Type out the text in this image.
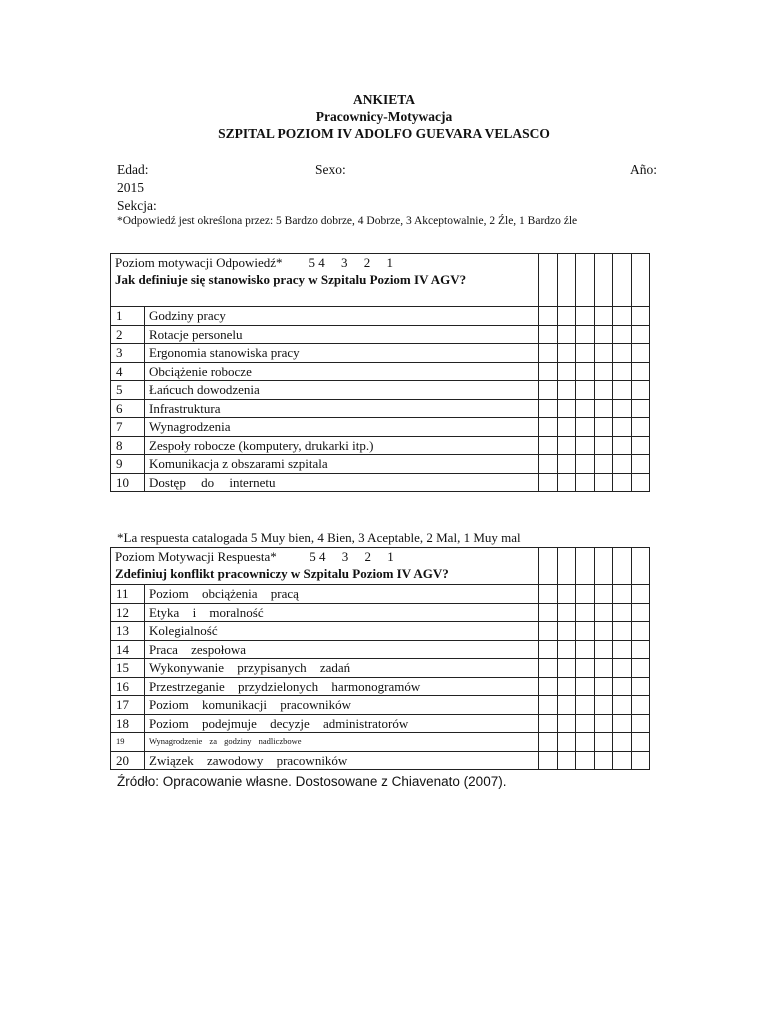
ANKIETA
Pracownicy-Motywacja
SZPITAL POZIOM IV ADOLFO GUEVARA VELASCO
Edad:	Sexo:	Año:
2015
Sekcja:
*Odpowiedź jest określona przez: 5 Bardzo dobrze, 4 Dobrze, 3 Akceptowalnie, 2 Źle, 1 Bardzo źle
Poziom motywacji Odpowiedź*        5 4     3     2     1
Jak definiuje się stanowisko pracy w Szpitalu Poziom IV AGV?							

1	Godziny pracy						
2	Rotacje personelu						
3	Ergonomia stanowiska pracy						
4	Obciążenie robocze						
5	Łańcuch dowodzenia						
6	Infrastruktura						
7	Wynagrodzenia						
8	Zespoły robocze (komputery, drukarki itp.)						
9	Komunikacja z obszarami szpitala						
10	Dostęp do internetu						
*La respuesta catalogada 5 Muy bien, 4 Bien, 3 Aceptable, 2 Mal, 1 Muy mal
Poziom Motywacji Respuesta*          5 4     3     2     1
Zdefiniuj konflikt pracowniczy w Szpitalu Poziom IV AGV?							

11	Poziom obciążenia pracą						
12	Etyka i moralność						
13	Kolegialność						
14	Praca zespołowa						
15	Wykonywanie przypisanych zadań						
16	Przestrzeganie przydzielonych harmonogramów						
17	Poziom komunikacji pracowników						
18	Poziom podejmuje decyzje administratorów						
19	Wynagrodzenie za godziny nadliczbowe						
20	Związek zawodowy pracowników						
Źródło: Opracowanie własne. Dostosowane z Chiavenato (2007).
